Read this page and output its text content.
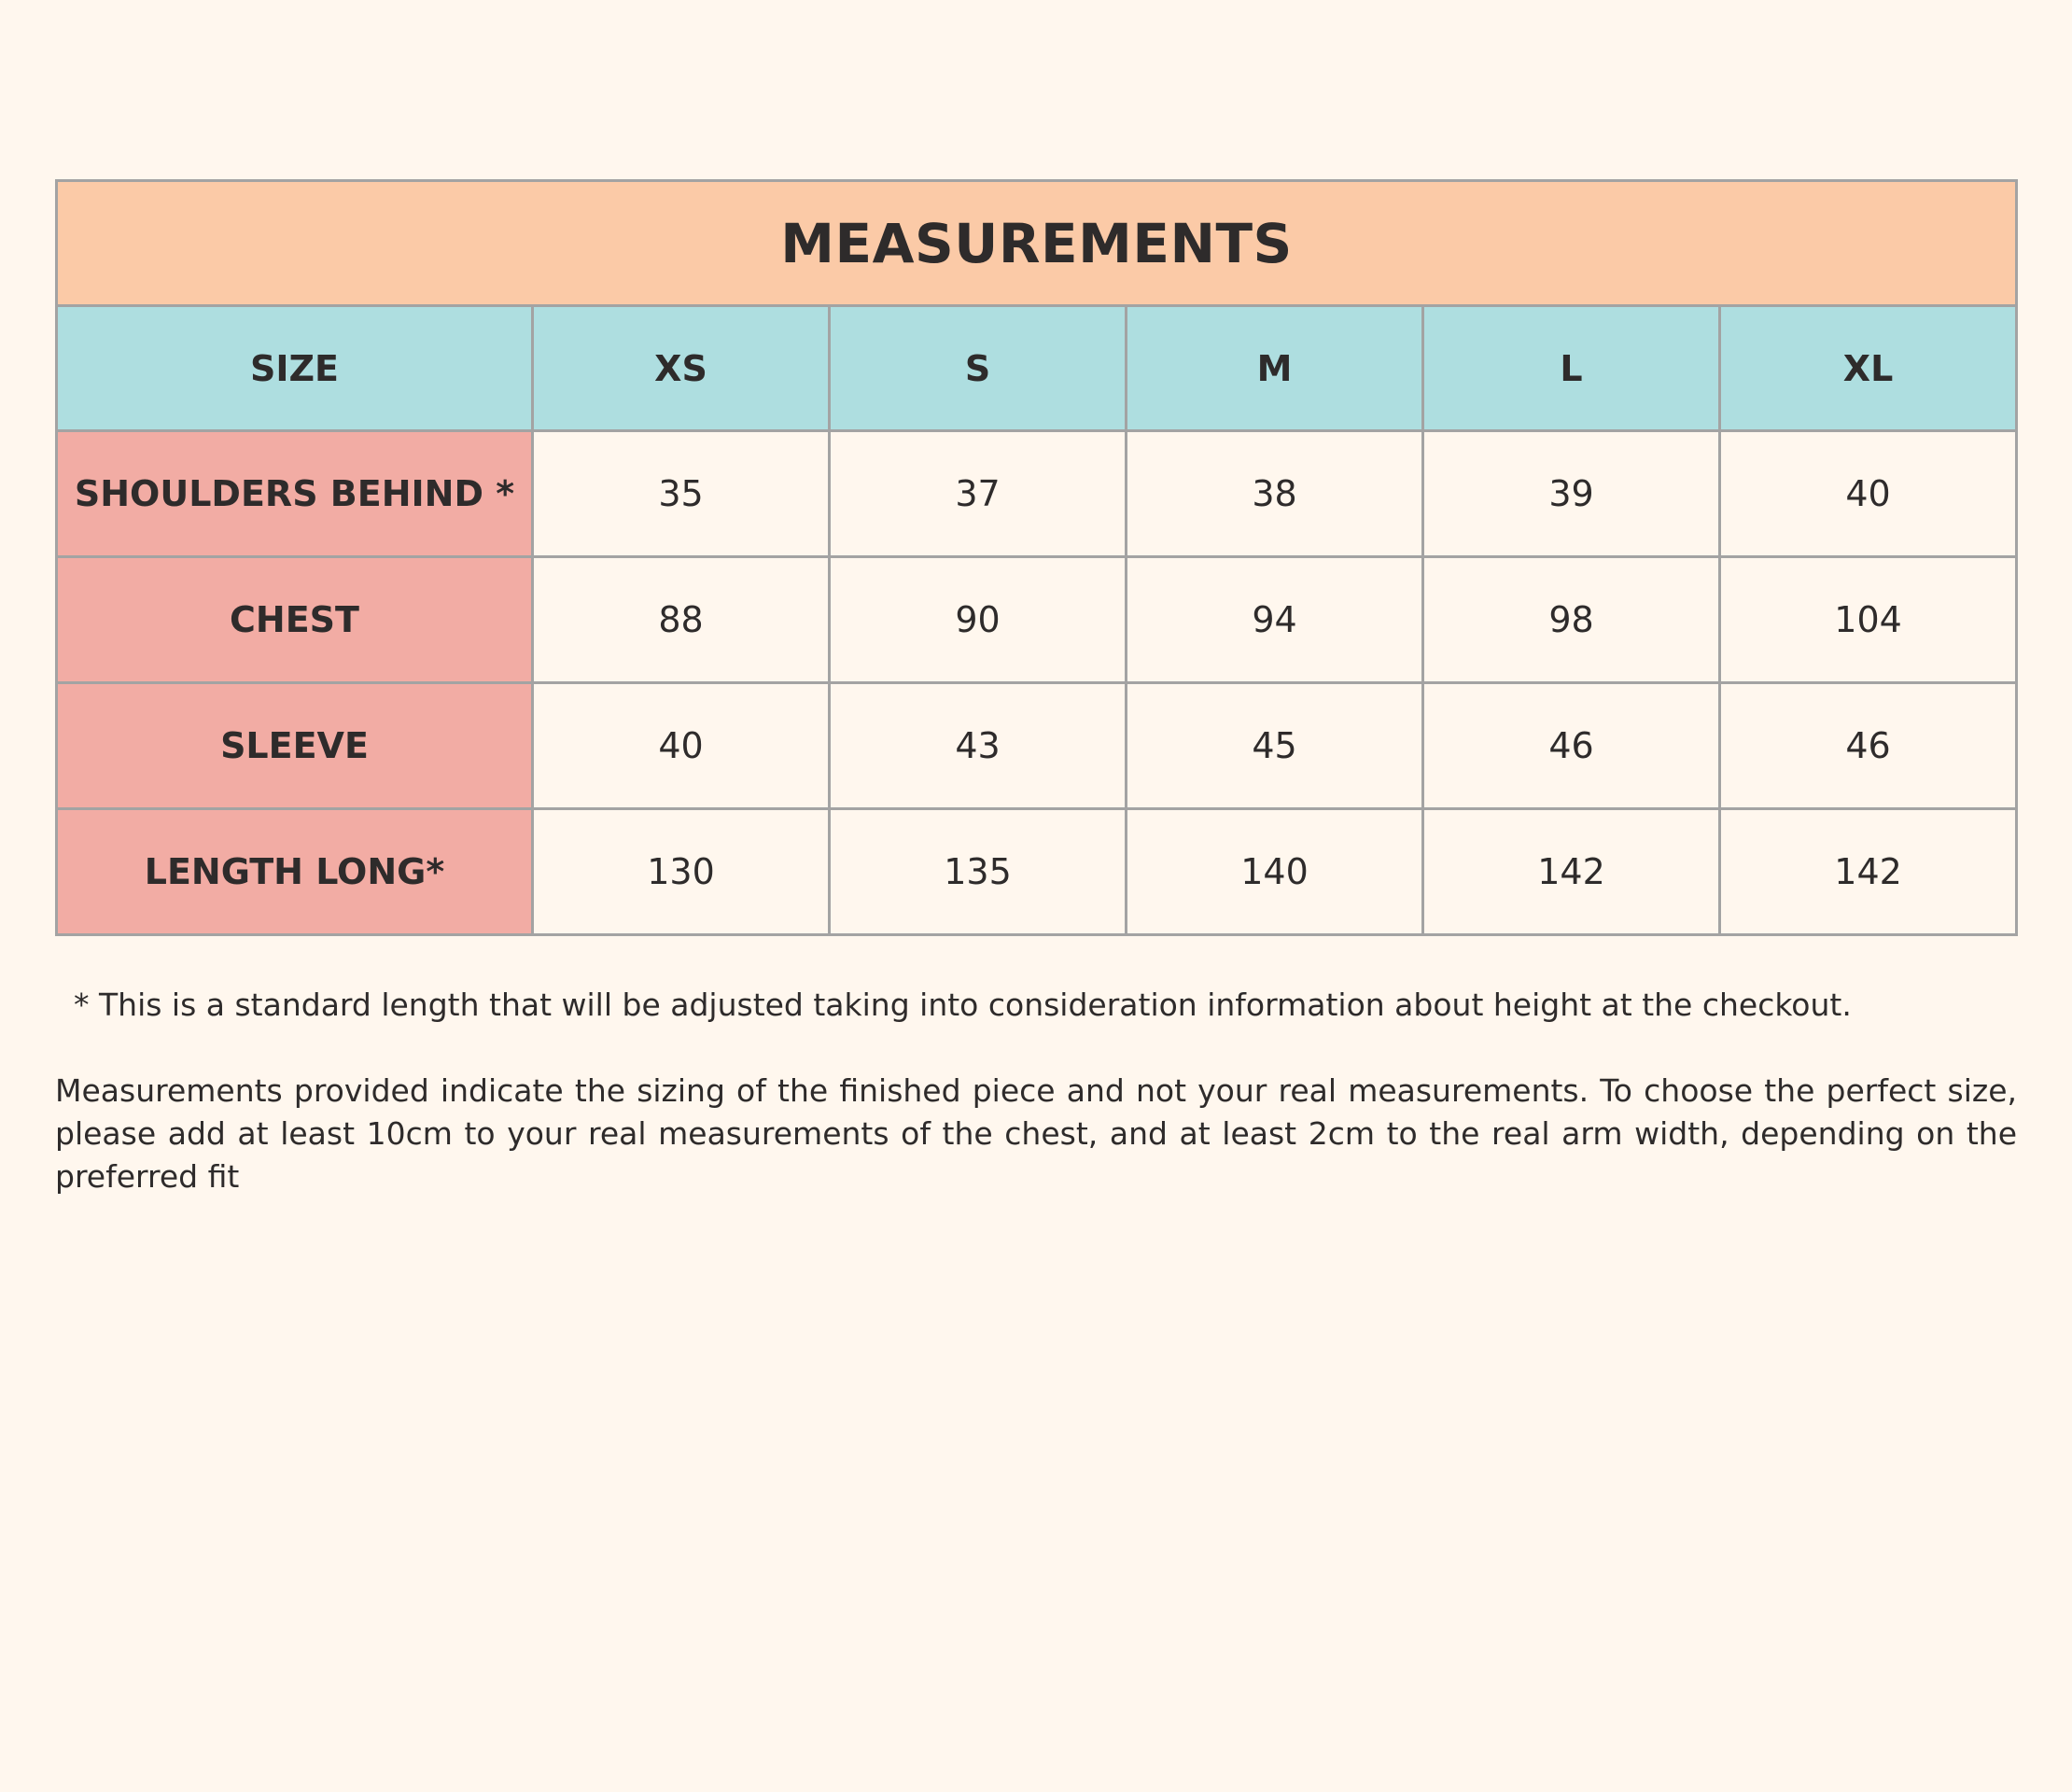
MEASUREMENTS					
SIZE	XS	S	M	L	XL
SHOULDERS BEHIND *	35	37	38	39	40
CHEST	88	90	94	98	104
SLEEVE	40	43	45	46	46
LENGTH LONG*	130	135	140	142	142
* This is a standard length that will be adjusted taking into consideration information about height at the checkout.
Measurements provided indicate the sizing of the finished piece and not your real measurements. To choose the perfect size, please add at least 10cm to your real measurements of the chest, and at least 2cm to the real arm width, depending on the preferred fit
